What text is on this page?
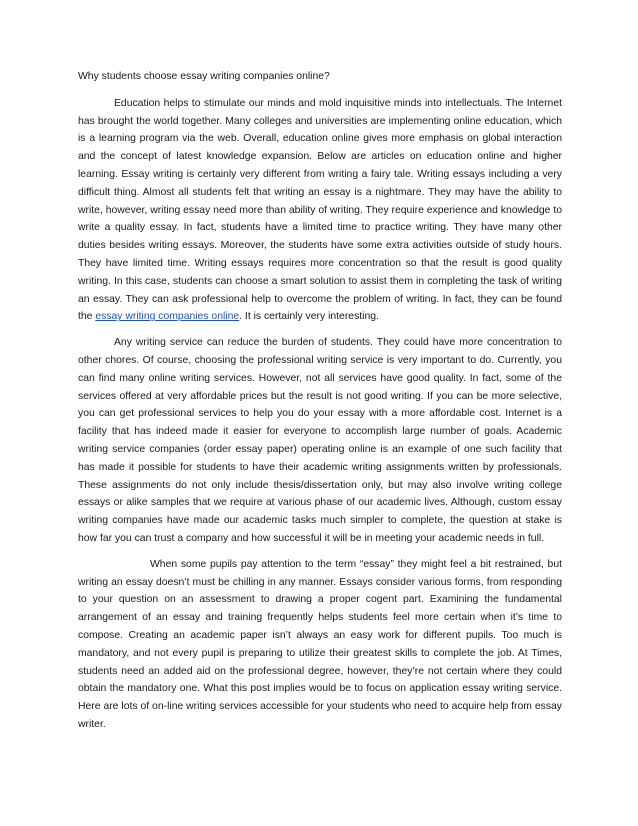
Why students choose essay writing companies online?

Education helps to stimulate our minds and mold inquisitive minds into intellectuals. The Internet has brought the world together. Many colleges and universities are implementing online education, which is a learning program via the web. Overall, education online gives more emphasis on global interaction and the concept of latest knowledge expansion. Below are articles on education online and higher learning. Essay writing is certainly very different from writing a fairy tale. Writing essays including a very difficult thing. Almost all students felt that writing an essay is a nightmare. They may have the ability to write, however, writing essay need more than ability of writing. They require experience and knowledge to write a quality essay. In fact, students have a limited time to practice writing. They have many other duties besides writing essays. Moreover, the students have some extra activities outside of study hours. They have limited time. Writing essays requires more concentration so that the result is good quality writing. In this case, students can choose a smart solution to assist them in completing the task of writing an essay. They can ask professional help to overcome the problem of writing. In fact, they can be found the essay writing companies online. It is certainly very interesting.

Any writing service can reduce the burden of students. They could have more concentration to other chores. Of course, choosing the professional writing service is very important to do. Currently, you can find many online writing services. However, not all services have good quality. In fact, some of the services offered at very affordable prices but the result is not good writing. If you can be more selective, you can get professional services to help you do your essay with a more affordable cost. Internet is a facility that has indeed made it easier for everyone to accomplish large number of goals. Academic writing service companies (order essay paper) operating online is an example of one such facility that has made it possible for students to have their academic writing assignments written by professionals. These assignments do not only include thesis/dissertation only, but may also involve writing college essays or alike samples that we require at various phase of our academic lives. Although, custom essay writing companies have made our academic tasks much simpler to complete, the question at stake is how far you can trust a company and how successful it will be in meeting your academic needs in full.

When some pupils pay attention to the term “essay” they might feel a bit restrained, but writing an essay doesn’t must be chilling in any manner. Essays consider various forms, from responding to your question on an assessment to drawing a proper cogent part. Examining the fundamental arrangement of an essay and training frequently helps students feel more certain when it’s time to compose. Creating an academic paper isn’t always an easy work for different pupils. Too much is mandatory, and not every pupil is preparing to utilize their greatest skills to complete the job. At Times, students need an added aid on the professional degree, however, they’re not certain where they could obtain the mandatory one. What this post implies would be to focus on application essay writing service. Here are lots of on-line writing services accessible for your students who need to acquire help from essay writer.
